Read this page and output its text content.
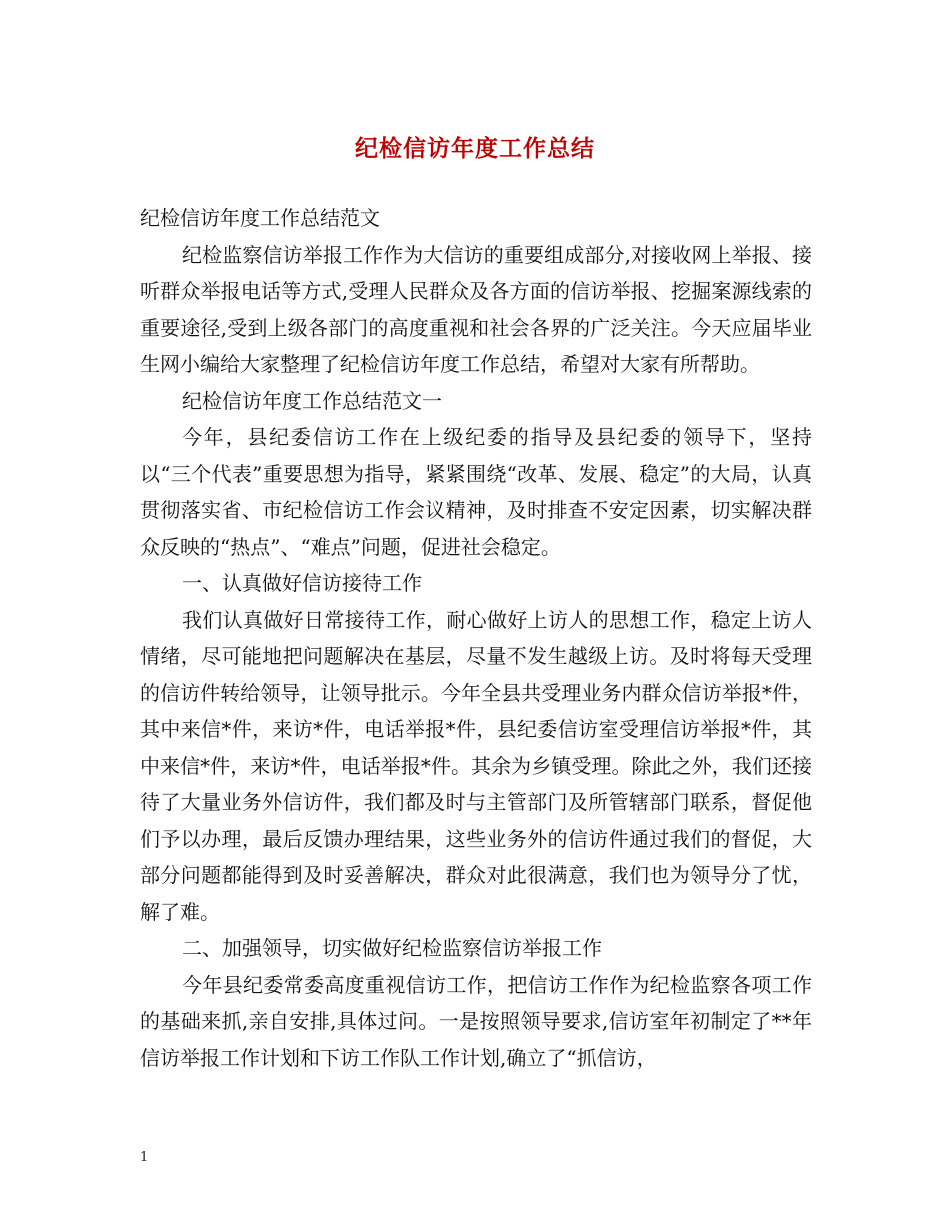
纪检信访年度工作总结

纪检信访年度工作总结范文

纪检监察信访举报工作作为大信访的重要组成部分,对接收网上举报、接听群众举报电话等方式,受理人民群众及各方面的信访举报、挖掘案源线索的重要途径,受到上级各部门的高度重视和社会各界的广泛关注。今天应届毕业生网小编给大家整理了纪检信访年度工作总结，希望对大家有所帮助。

纪检信访年度工作总结范文一

今年，县纪委信访工作在上级纪委的指导及县纪委的领导下，坚持以“三个代表”重要思想为指导，紧紧围绕“改革、发展、稳定”的大局，认真贯彻落实省、市纪检信访工作会议精神，及时排查不安定因素，切实解决群众反映的“热点”、“难点”问题，促进社会稳定。

一、认真做好信访接待工作

我们认真做好日常接待工作，耐心做好上访人的思想工作，稳定上访人情绪，尽可能地把问题解决在基层，尽量不发生越级上访。及时将每天受理的信访件转给领导，让领导批示。今年全县共受理业务内群众信访举报*件，其中来信*件，来访*件，电话举报*件，县纪委信访室受理信访举报*件，其中来信*件，来访*件，电话举报*件。其余为乡镇受理。除此之外，我们还接待了大量业务外信访件，我们都及时与主管部门及所管辖部门联系，督促他们予以办理，最后反馈办理结果，这些业务外的信访件通过我们的督促，大部分问题都能得到及时妥善解决，群众对此很满意，我们也为领导分了忧，解了难。

二、加强领导，切实做好纪检监察信访举报工作

今年县纪委常委高度重视信访工作，把信访工作作为纪检监察各项工作的基础来抓,亲自安排,具体过问。一是按照领导要求,信访室年初制定了**年信访举报工作计划和下访工作队工作计划,确立了“抓信访，

1
